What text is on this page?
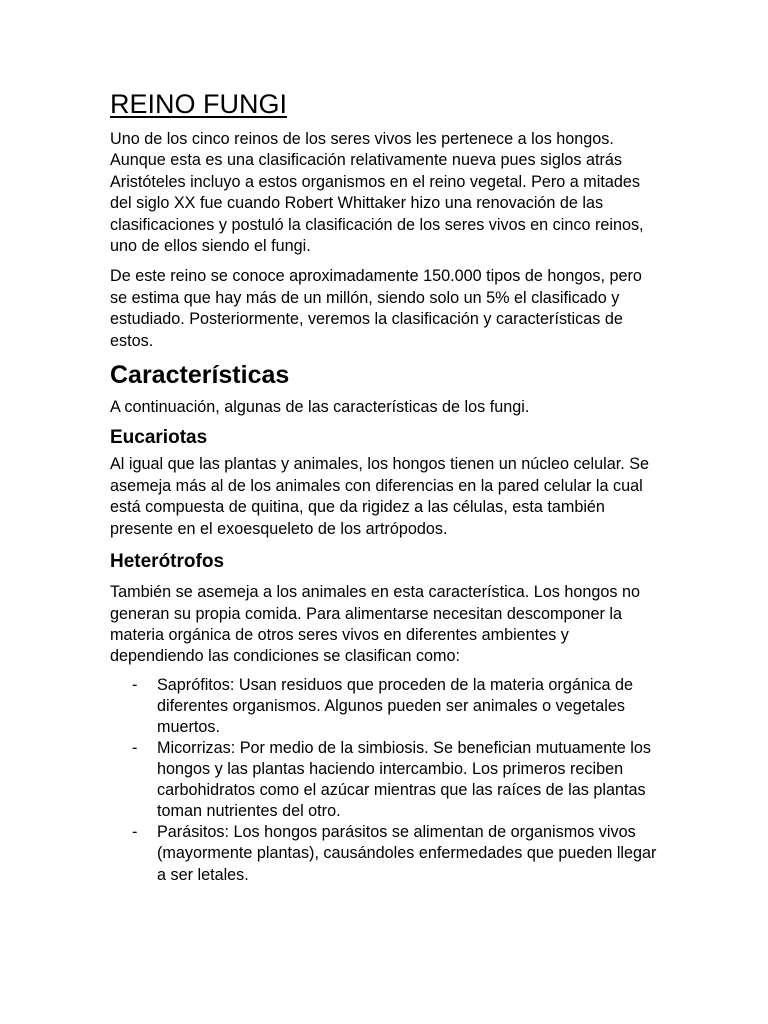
REINO FUNGI

Uno de los cinco reinos de los seres vivos les pertenece a los hongos. Aunque esta es una clasificación relativamente nueva pues siglos atrás Aristóteles incluyo a estos organismos en el reino vegetal. Pero a mitades del siglo XX fue cuando Robert Whittaker hizo una renovación de las clasificaciones y postuló la clasificación de los seres vivos en cinco reinos, uno de ellos siendo el fungi.

De este reino se conoce aproximadamente 150.000 tipos de hongos, pero se estima que hay más de un millón, siendo solo un 5% el clasificado y estudiado. Posteriormente, veremos la clasificación y características de estos.

Características

A continuación, algunas de las características de los fungi.

Eucariotas

Al igual que las plantas y animales, los hongos tienen un núcleo celular. Se asemeja más al de los animales con diferencias en la pared celular la cual está compuesta de quitina, que da rigidez a las células, esta también presente en el exoesqueleto de los artrópodos.

Heterótrofos

También se asemeja a los animales en esta característica. Los hongos no generan su propia comida. Para alimentarse necesitan descomponer la materia orgánica de otros seres vivos en diferentes ambientes y dependiendo las condiciones se clasifican como:

- Saprófitos: Usan residuos que proceden de la materia orgánica de diferentes organismos. Algunos pueden ser animales o vegetales muertos.
- Micorrizas: Por medio de la simbiosis. Se benefician mutuamente los hongos y las plantas haciendo intercambio. Los primeros reciben carbohidratos como el azúcar mientras que las raíces de las plantas toman nutrientes del otro.
- Parásitos: Los hongos parásitos se alimentan de organismos vivos (mayormente plantas), causándoles enfermedades que pueden llegar a ser letales.
